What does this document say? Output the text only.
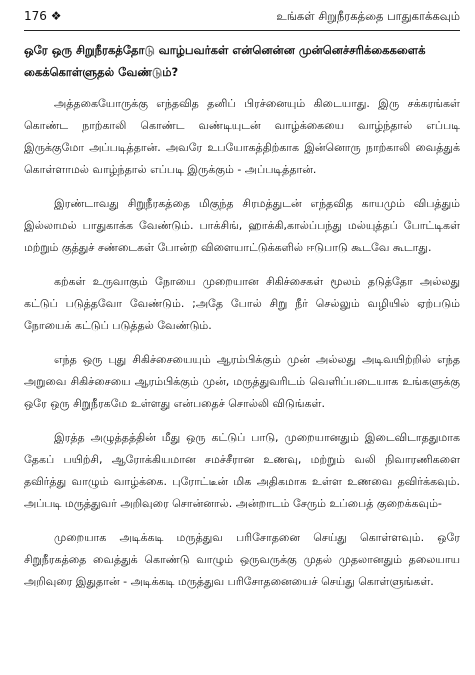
176 ❖	உங்கள் சிறுநீரகத்தை பாதுகாக்கவும்

ஒரே ஒரு சிறுநீரகத்தோடு வாழ்பவர்கள் என்னென்ன முன்னெச்சரிக்கைகளைக் கைக்கொள்ளுதல் வேண்டும்?

அத்தகையோருக்கு எந்தவித தனிப் பிரச்னையும் கிடையாது. இரு சக்கரங்கள் கொண்ட நாற்காலி கொண்ட வண்டியுடன் வாழ்க்கையை வாழ்ந்தால் எப்படி இருக்குமோ அப்படித்தான். அவரே உபயோகத்திற்காக இன்னொரு நாற்காலி வைத்துக் கொள்ளாமல் வாழ்ந்தால் எப்படி இருக்கும் - அப்படித்தான்.

இரண்டாவது சிறுநீரகத்தை மிகுந்த சிரமத்துடன் எந்தவித காயமும் விபத்தும் இல்லாமல் பாதுகாக்க வேண்டும். பாக்சிங், ஹாக்கி,கால்ப்பந்து மல்யுத்தப் போட்டிகள் மற்றும் குத்துச் சண்டைகள் போன்ற விளையாட்டுக்களில் ஈடுபாடு கூடவே கூடாது.

கற்கள் உருவாகும் நோயை முறையான சிகிச்சைகள் மூலம் தடுத்தோ அல்லது கட்டுப் படுத்தவோ வேண்டும். ;அதே போல் சிறு நீர் செல்லும் வழியில் ஏற்படும் நோயைக் கட்டுப் படுத்தல் வேண்டும்.

எந்த ஒரு புது சிகிச்சையையும் ஆரம்பிக்கும் முன் அல்லது அடிவயிற்றில் எந்த அறுவை சிகிச்சையை ஆரம்பிக்கும் முன், மருத்துவரிடம் வெளிப்படையாக உங்களுக்கு ஒரே ஒரு சிறுநீரகமே உள்ளது என்பதைச் சொல்லி விடுங்கள்.

இரத்த அழுத்தத்தின் மீது ஒரு கட்டுப் பாடு, முறையானதும் இடைவிடாததுமாக தேகப் பயிற்சி, ஆரோக்கியமான சமச்சீரான உணவு, மற்றும் வலி நிவாரணிகளை தவிர்த்து வாழும் வாழ்க்கை. புரோட்டீன் மிக அதிகமாக உள்ள உணவை தவிர்க்கவும். அப்படி மருத்துவர் அறிவுரை சொன்னால். அன்றாடம் சேரும் உப்பைத் குறைக்கவும்-

முறையாக அடிக்கடி மருத்துவ பரிசோதனை செய்து கொள்ளவும். ஒரே சிறுநீரகத்தை வைத்துக் கொண்டு வாழும் ஒருவருக்கு முதல் முதலானதும் தலையாய அறிவுரை இதுதான் - அடிக்கடி மருத்துவ பரிசோதனையைச் செய்து கொள்ளுங்கள்.
